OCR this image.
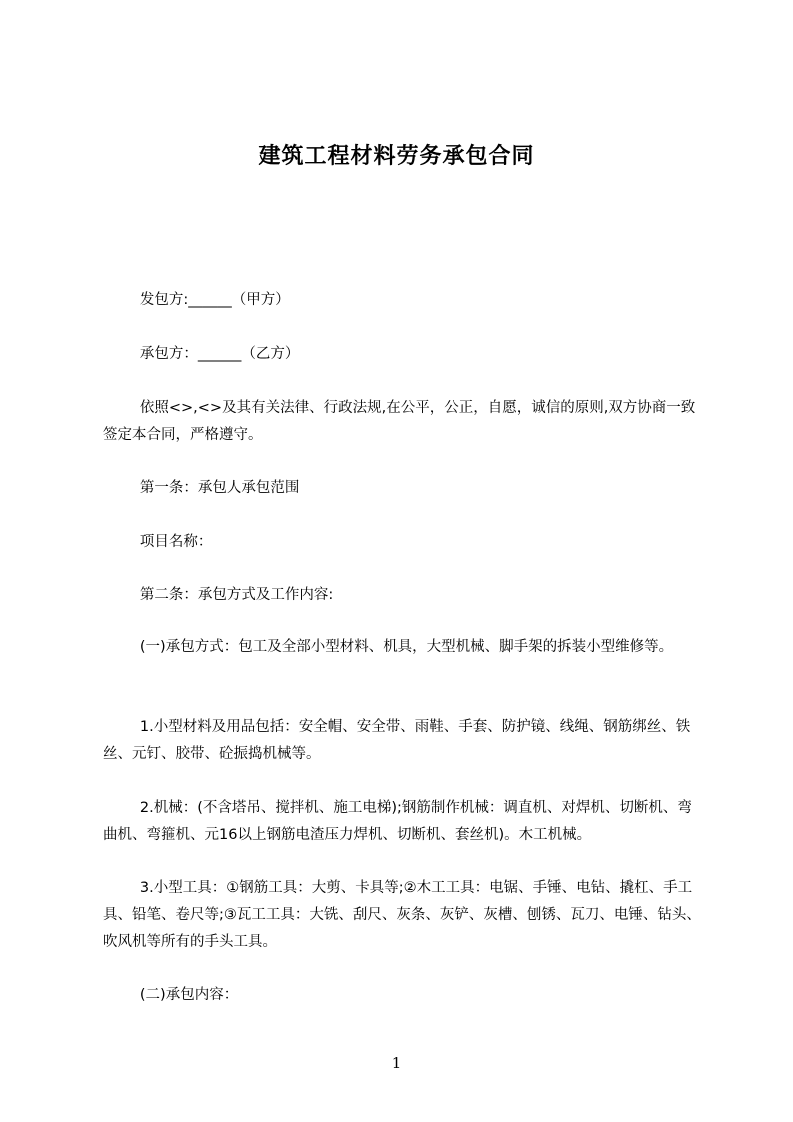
建筑工程材料劳务承包合同
发包方:______（甲方）
承包方：______（乙方）
依照<>,<>及其有关法律、行政法规,在公平，公正，自愿，诚信的原则,双方协商一致签定本合同，严格遵守。
第一条：承包人承包范围
项目名称：
第二条：承包方式及工作内容:
(一)承包方式：包工及全部小型材料、机具，大型机械、脚手架的拆装小型维修等。
1.小型材料及用品包括：安全帽、安全带、雨鞋、手套、防护镜、线绳、钢筋绑丝、铁丝、元钉、胶带、砼振捣机械等。
2.机械：(不含塔吊、搅拌机、施工电梯);钢筋制作机械：调直机、对焊机、切断机、弯曲机、弯箍机、元16以上钢筋电渣压力焊机、切断机、套丝机)。木工机械。
3.小型工具：①钢筋工具：大剪、卡具等;②木工工具：电锯、手锤、电钻、撬杠、手工具、铅笔、卷尺等;③瓦工工具：大铣、刮尺、灰条、灰铲、灰槽、刨锈、瓦刀、电锤、钻头、吹风机等所有的手头工具。
(二)承包内容：
1
